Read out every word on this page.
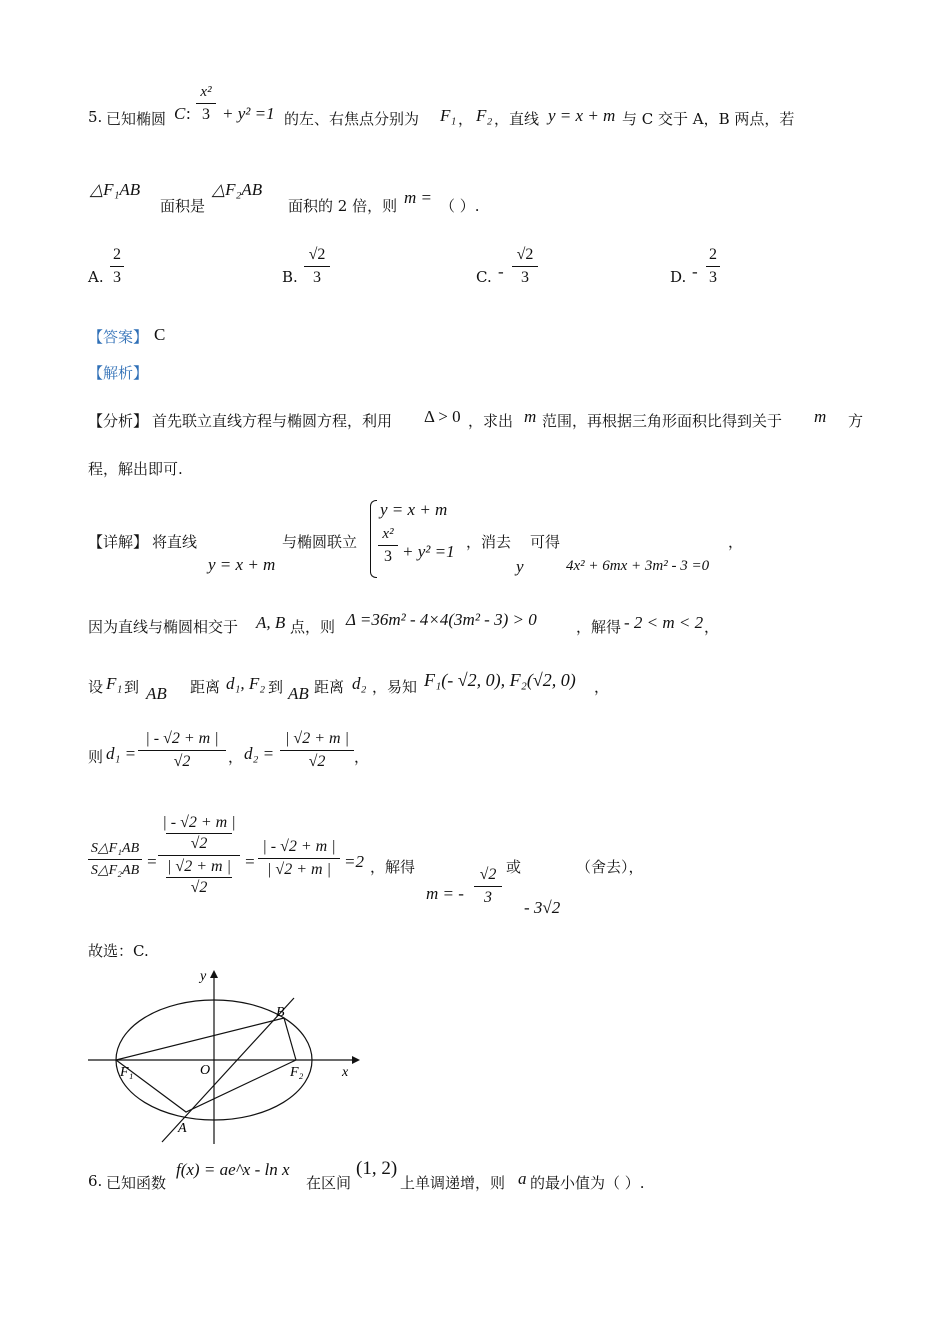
5. 已知椭圆 C :
x²
3 + y² =1 的左、右焦点分别为 F₁ ， F₂ ，直线 y = x + m 与 C 交于 A，B 两点，若
△F₁AB
面积是
△F₂AB
面积的 2 倍，则 m = （ ）.
A.
2
3	B.
√2
3	C. -
√2
3	D. -
2
3
【答案】 C
【解析】
【分析】 首先联立直线方程与椭圆方程，利用 Δ > 0 ，求出 m 范围，再根据三角形面积比得到关于 m 方
程，解出即可.
【详解】 将直线
y = x + m
与椭圆联立
y = x + m
x²
3 + y² =1 ，消去
y
可得
4x² + 6mx + 3m² - 3 =0
，
因为直线与椭圆相交于 A, B 点，则 Δ =36m² - 4×4(3m² - 3) > 0	，解得 - 2 < m < 2 ，
设 F₁ 到 AB 距离 d₁, F₂ 到 AB 距离 d₂ ，易知 F₁(- √2, 0), F₂(√2, 0) ，
则 d₁ =
| - √2 + m |
√2	， d₂ =
| √2 + m |
√2	，
S△F₁AB
S△F₂AB =
| - √2 + m |
√2
| √2 + m |
√2
=
| - √2 + m |
| √2 + m | =2 ，解得
m = -
√2
3
或
- 3√2
（舍去），
故选：C.
y
x
O
B
A
F₁	F₂
6. 已知函数
f(x) = ae^x - ln x
在区间
(1, 2)
上单调递增，则 a 的最小值为（ ）.
